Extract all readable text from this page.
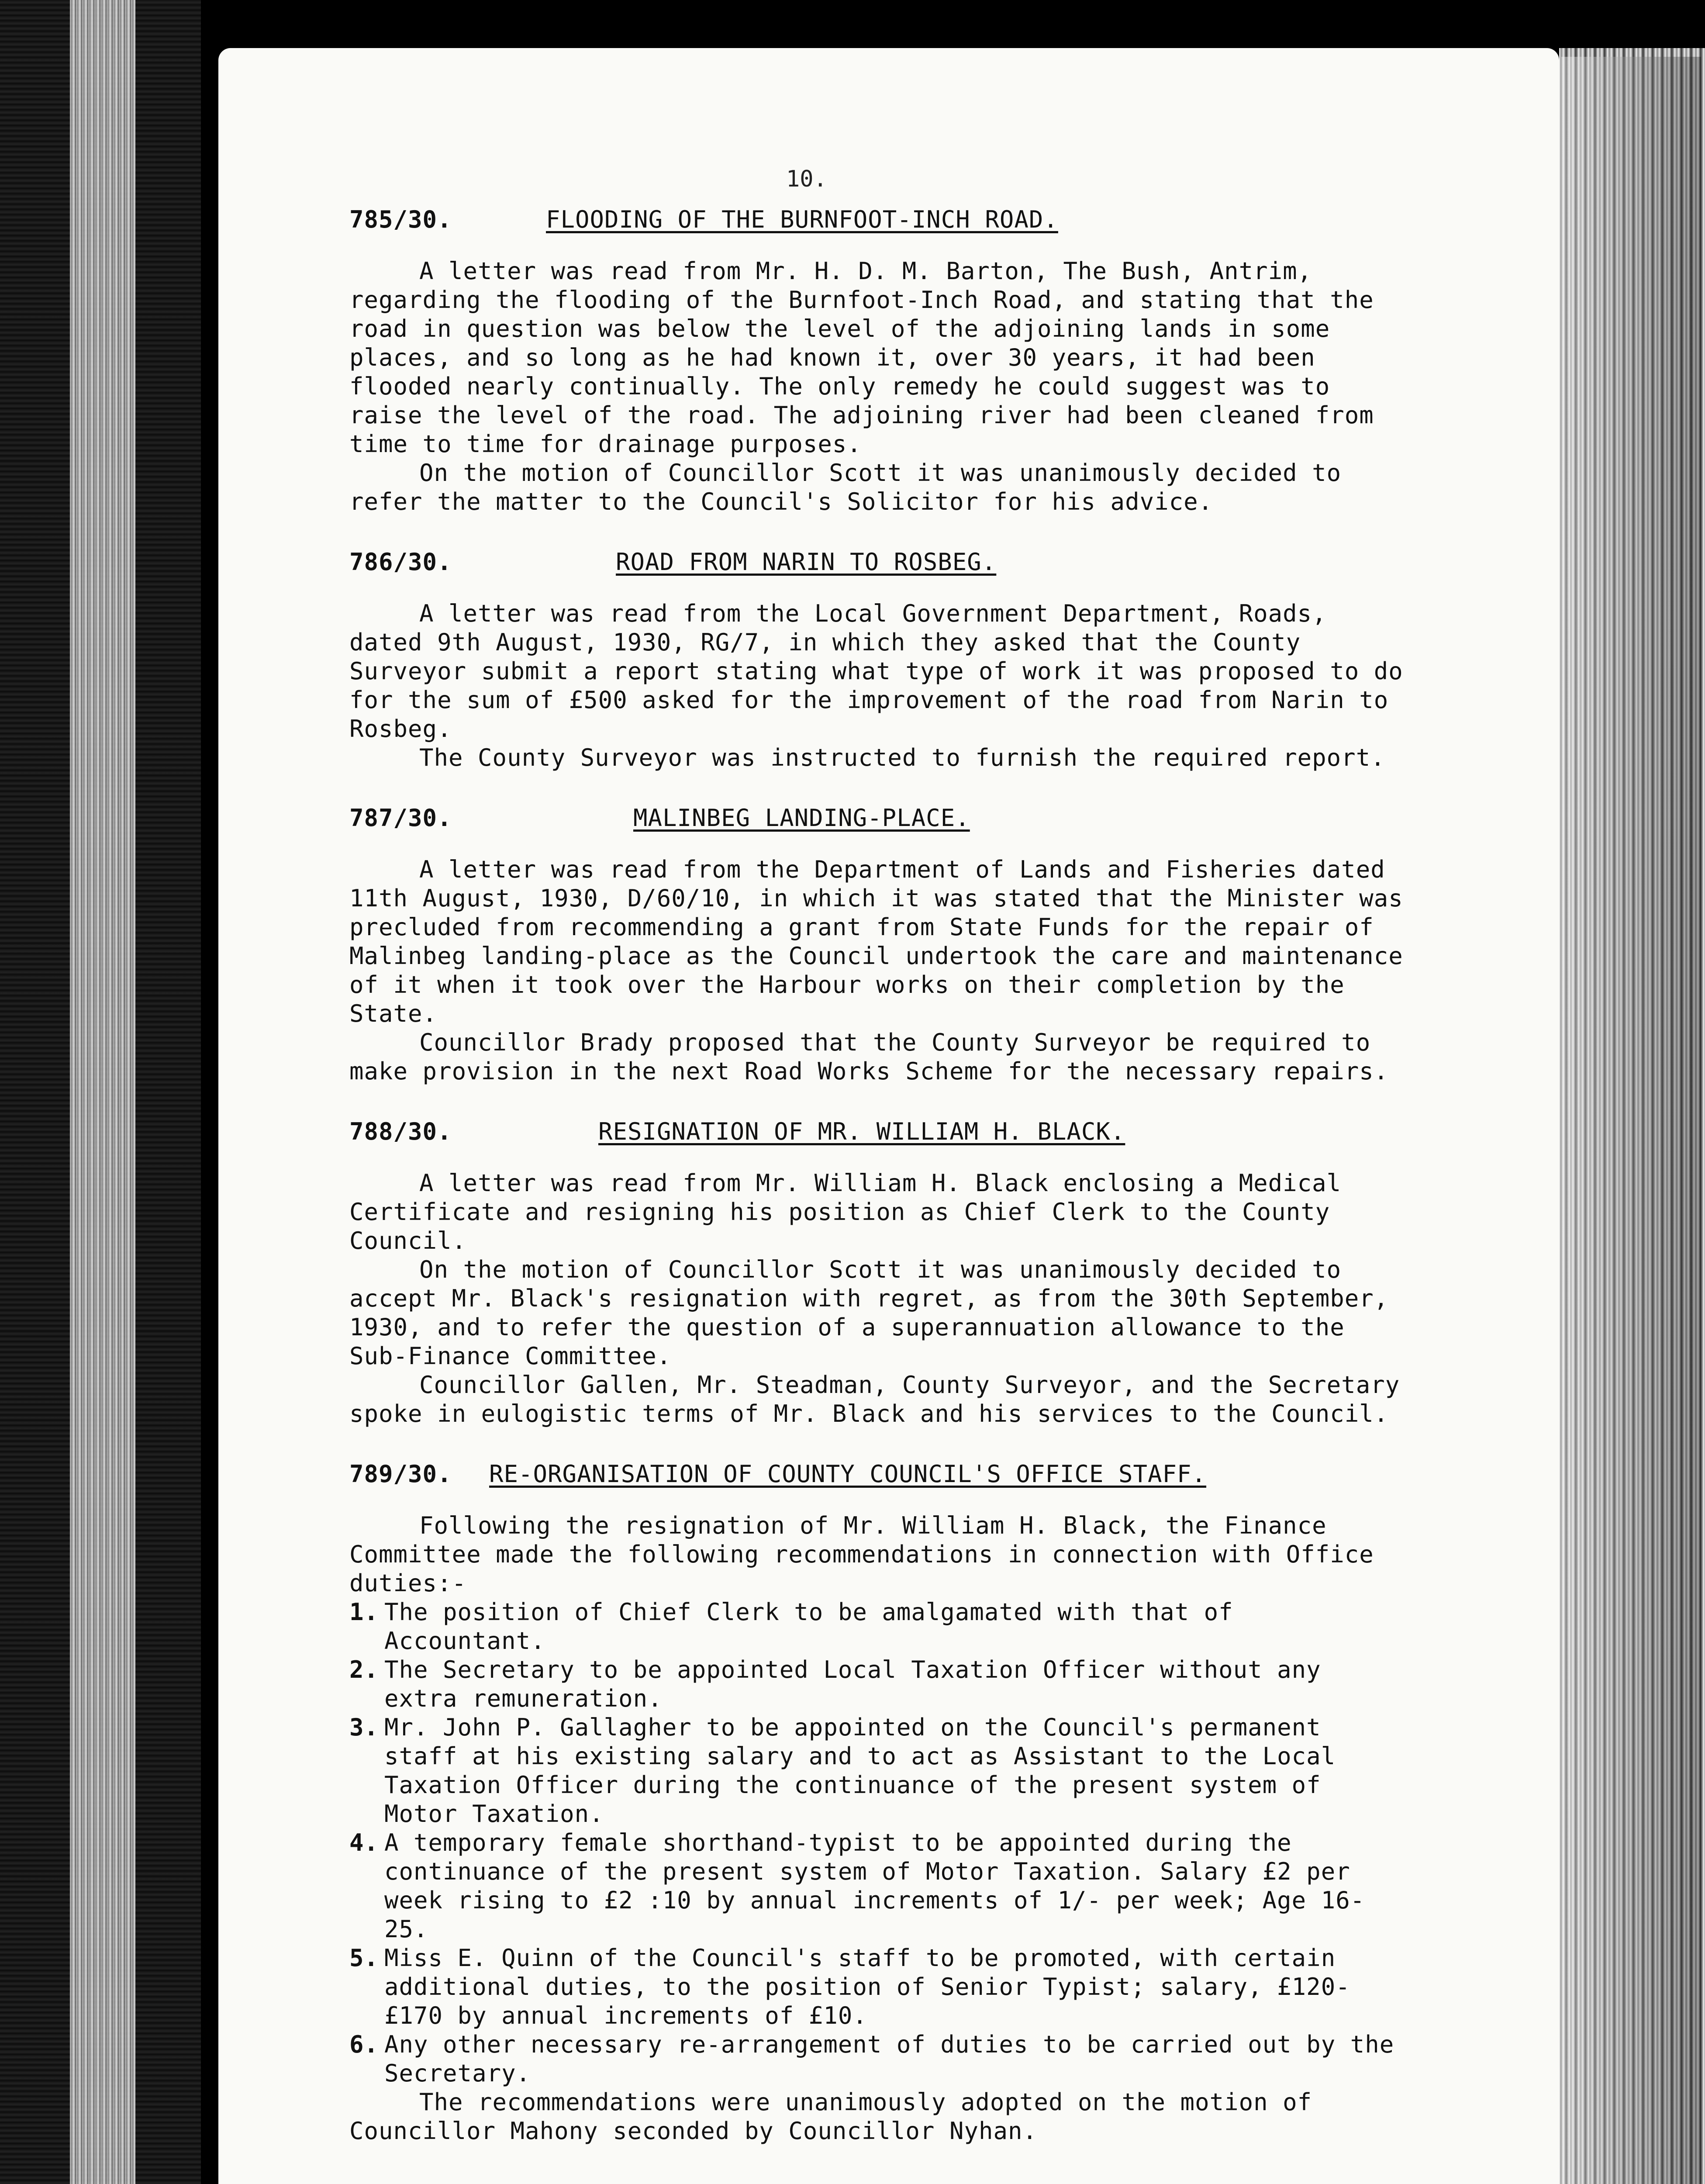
10.
785/30.	FLOODING OF THE BURNFOOT-INCH ROAD.

A letter was read from Mr. H. D. M. Barton, The Bush, Antrim, regarding the flooding of the Burnfoot-Inch Road, and stating that the road in question was below the level of the adjoining lands in some places, and so long as he had known it, over 30 years, it had been flooded nearly continually. The only remedy he could suggest was to raise the level of the road. The adjoining river had been cleaned from time to time for drainage purposes.

On the motion of Councillor Scott it was unanimously decided to refer the matter to the Council's Solicitor for his advice.

786/30.	ROAD FROM NARIN TO ROSBEG.

A letter was read from the Local Government Department, Roads, dated 9th August, 1930, RG/7, in which they asked that the County Surveyor submit a report stating what type of work it was proposed to do for the sum of £500 asked for the improvement of the road from Narin to Rosbeg.

The County Surveyor was instructed to furnish the required report.

787/30.	MALINBEG LANDING-PLACE.

A letter was read from the Department of Lands and Fisheries dated 11th August, 1930, D/60/10, in which it was stated that the Minister was precluded from recommending a grant from State Funds for the repair of Malinbeg landing-place as the Council undertook the care and maintenance of it when it took over the Harbour works on their completion by the State.

Councillor Brady proposed that the County Surveyor be required to make provision in the next Road Works Scheme for the necessary repairs.

788/30.	RESIGNATION OF MR. WILLIAM H. BLACK.

A letter was read from Mr. William H. Black enclosing a Medical Certificate and resigning his position as Chief Clerk to the County Council.

On the motion of Councillor Scott it was unanimously decided to accept Mr. Black's resignation with regret, as from the 30th September, 1930, and to refer the question of a superannuation allowance to the Sub-Finance Committee.

Councillor Gallen, Mr. Steadman, County Surveyor, and the Secretary spoke in eulogistic terms of Mr. Black and his services to the Council.

789/30.	RE-ORGANISATION OF COUNTY COUNCIL'S OFFICE STAFF.

Following the resignation of Mr. William H. Black, the Finance Committee made the following recommendations in connection with Office duties:-

1. The position of Chief Clerk to be amalgamated with that of Accountant.
2. The Secretary to be appointed Local Taxation Officer without any extra remuneration.
3. Mr. John P. Gallagher to be appointed on the Council's permanent staff at his existing salary and to act as Assistant to the Local Taxation Officer during the continuance of the present system of Motor Taxation.
4. A temporary female shorthand-typist to be appointed during the continuance of the present system of Motor Taxation. Salary £2 per week rising to £2 :10 by annual increments of 1/- per week; Age 16-25.
5. Miss E. Quinn of the Council's staff to be promoted, with certain additional duties, to the position of Senior Typist; salary, £120-£170 by annual increments of £10.
6. Any other necessary re-arrangement of duties to be carried out by the Secretary.

The recommendations were unanimously adopted on the motion of Councillor Mahony seconded by Councillor Nyhan.
